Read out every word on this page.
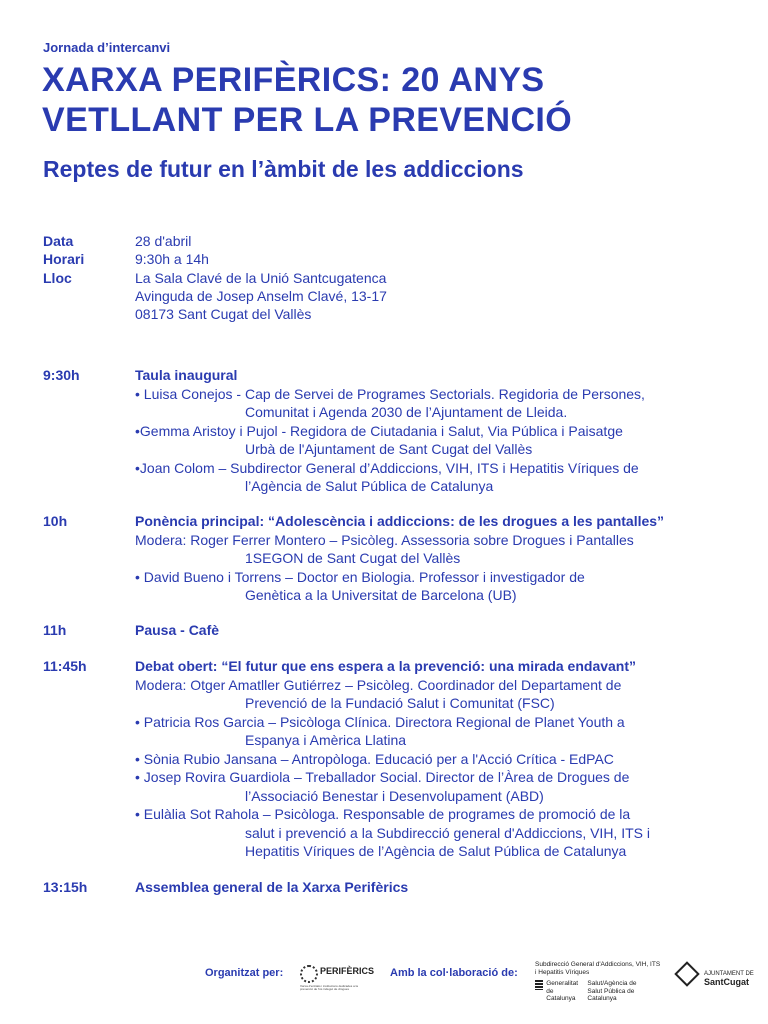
Jornada d’intercanvi
XARXA PERIFÈRICS: 20 ANYS
VETLLANT PER LA PREVENCIÓ
Reptes de futur en l’àmbit de les addiccions
Data	28 d'abril
Horari	9:30h a 14h
Lloc	La Sala Clavé de la Unió Santcugatenca
Avinguda de Josep Anselm Clavé, 13-17
08173 Sant Cugat del Vallès
9:30h	Taula inaugural
• Luisa Conejos - Cap de Servei de Programes Sectorials. Regidoria de Persones,
Comunitat i Agenda 2030 de l’Ajuntament de Lleida.
•Gemma Aristoy i Pujol - Regidora de Ciutadania i Salut, Via Pública i Paisatge
Urbà de l'Ajuntament de Sant Cugat del Vallès
•Joan Colom – Subdirector General d’Addiccions, VIH, ITS i Hepatitis Víriques de
l’Agència de Salut Pública de Catalunya
10h	Ponència principal: “Adolescència i addiccions: de les drogues a les pantalles”
Modera: Roger Ferrer Montero – Psicòleg. Assessoria sobre Drogues i Pantalles
1SEGON de Sant Cugat del Vallès
• David Bueno i Torrens – Doctor en Biologia. Professor i investigador de
Genètica a la Universitat de Barcelona (UB)
11h	Pausa - Cafè
11:45h	Debat obert: “El futur que ens espera a la prevenció: una mirada endavant”
Modera: Otger Amatller Gutiérrez – Psicòleg. Coordinador del Departament de
Prevenció de la Fundació Salut i Comunitat (FSC)
• Patricia Ros Garcia – Psicòloga Clínica. Directora Regional de Planet Youth a
Espanya i Amèrica Llatina
• Sònia Rubio Jansana – Antropòloga. Educació per a l'Acció Crítica - EdPAC
• Josep Rovira Guardiola – Treballador Social. Director de l’Àrea de Drogues de
l’Associació Benestar i Desenvolupament (ABD)
• Eulàlia Sot Rahola – Psicòloga. Responsable de programes de promoció de la
salut i prevenció a la Subdirecció general d'Addiccions, VIH, ITS i
Hepatitis Víriques de l’Agència de Salut Pública de Catalunya
13:15h	Assemblea general de la Xarxa Perifèrics
Organitzat per:	PERIFÈRICS
Xarxa d'entitats i institucions dedicades a la prevenció de l'ús indegut de drogues
Amb la col·laboració de:
Subdirecció General d'Addiccions, VIH, ITS
i Hepatitis Víriques
Generalitat
de Catalunya
Salut/Agència de
Salut Pública de Catalunya
AJUNTAMENT DE
SantCugat
